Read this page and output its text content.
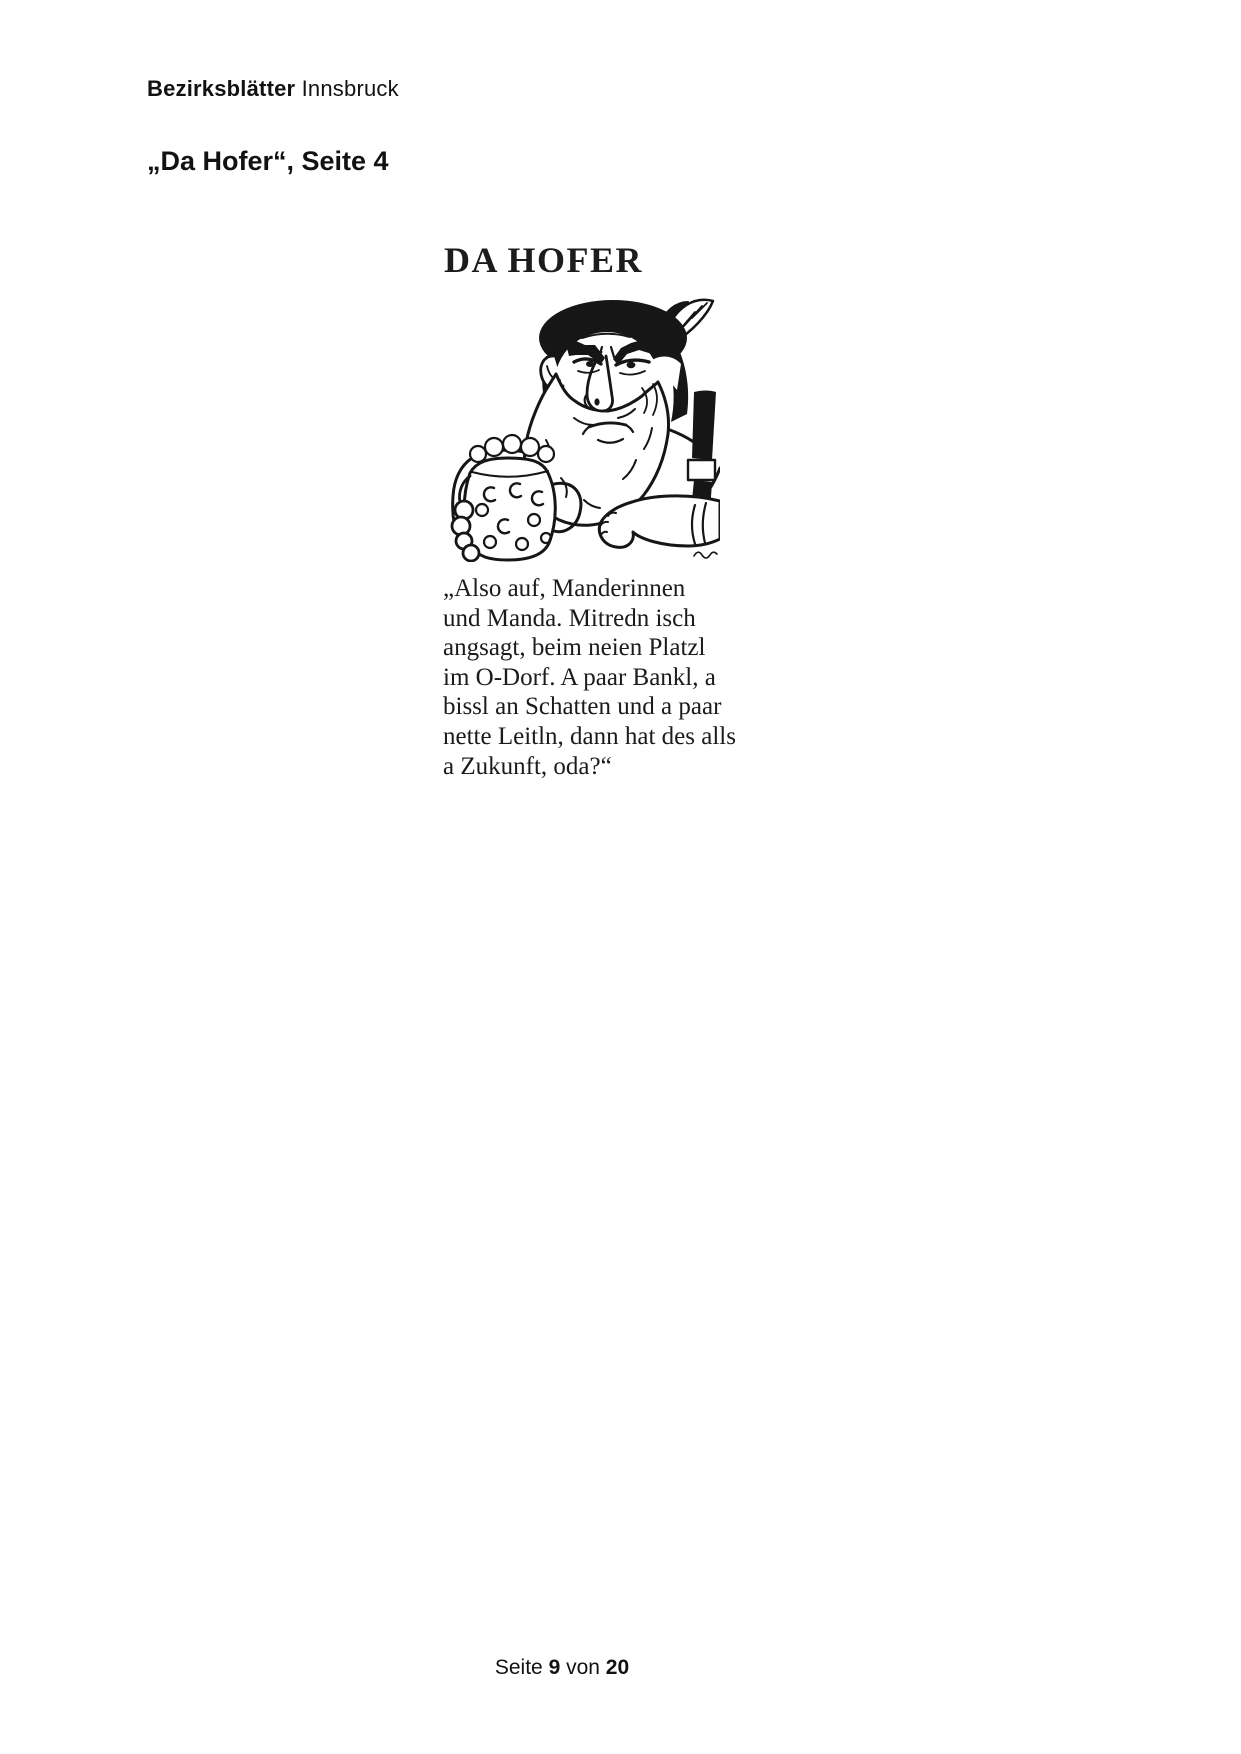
Bezirksblätter Innsbruck
„Da Hofer“, Seite 4
DA HOFER
„Also auf, Manderinnen
und Manda. Mitredn isch
angsagt, beim neien Platzl
im O-Dorf. A paar Bankl, a
bissl an Schatten und a paar
nette Leitln, dann hat des alls
a Zukunft, oda?“
Seite 9 von 20
